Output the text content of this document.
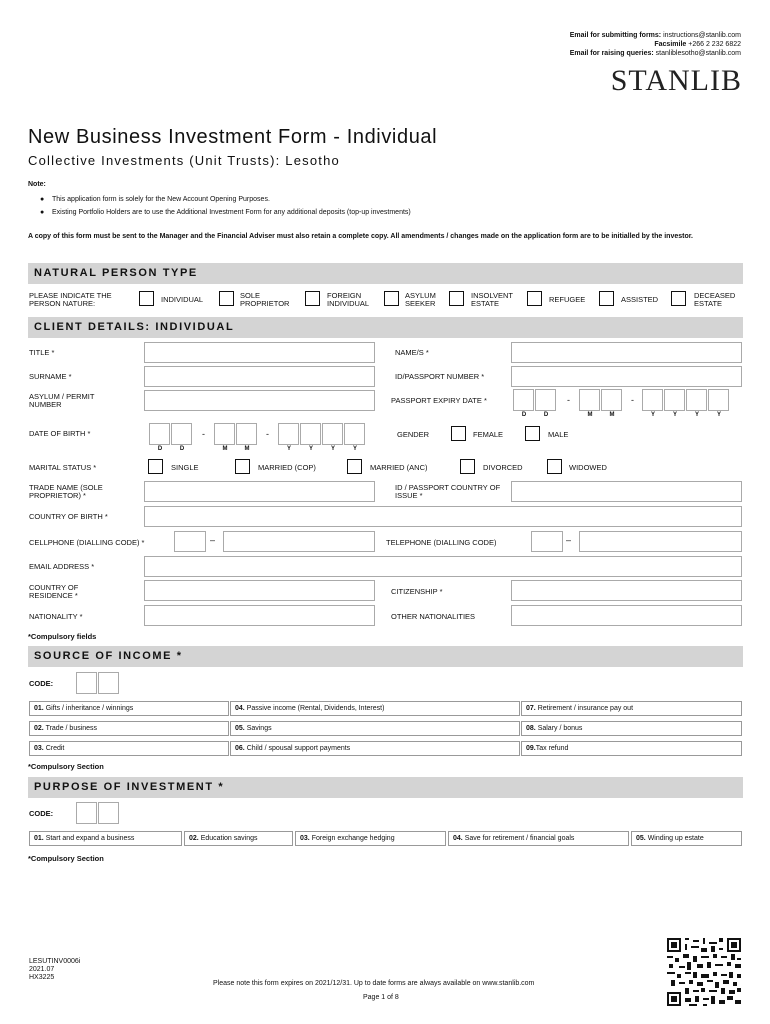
Email for submitting forms: instructions@stanlib.com
Facsimile +266 2 232 6822
Email for raising queries: stanliblesotho@stanlib.com
STANLIB
New Business Investment Form - Individual
Collective Investments (Unit Trusts): Lesotho
Note:
● This application form is solely for the New Account Opening Purposes.
● Existing Portfolio Holders are to use the Additional Investment Form for any additional deposits (top-up investments)
A copy of this form must be sent to the Manager and the Financial Adviser must also retain a complete copy. All amendments / changes made on the application form are to be initialled by the investor.
NATURAL PERSON TYPE
PLEASE INDICATE THE PERSON NATURE:	INDIVIDUAL	SOLE PROPRIETOR
FOREIGN INDIVIDUAL
ASYLUM SEEKER
INSOLVENT ESTATE	REFUGEE	ASSISTED	DECEASED ESTATE
CLIENT DETAILS: INDIVIDUAL
TITLE *	NAME/S *
SURNAME *	ID/PASSPORT NUMBER *
ASYLUM / PERMIT NUMBER	PASSPORT EXPIRY DATE *	-	-
D	D	M	M	Y	Y	Y	Y
DATE OF BIRTH *	-	-
D	D	M	M	Y	Y	Y	Y
GENDER	FEMALE	MALE
MARITAL STATUS *	SINGLE	MARRIED (COP)	MARRIED (ANC)	DIVORCED	WIDOWED
TRADE NAME (SOLE PROPRIETOR) *
ID / PASSPORT COUNTRY OF ISSUE *
COUNTRY OF BIRTH *
CELLPHONE (DIALLING CODE) *	–	TELEPHONE (DIALLING CODE)	–
EMAIL ADDRESS *
COUNTRY OF RESIDENCE *	CITIZENSHIP *
NATIONALITY *	OTHER NATIONALITIES
*Compulsory fields
SOURCE OF INCOME *
CODE:
01. Gifts / inheritance / winnings	04. Passive income (Rental, Dividends, Interest)	07. Retirement / insurance pay out
02. Trade / business	05. Savings	08. Salary / bonus
03. Credit	06. Child / spousal support payments	09.Tax refund
*Compulsory Section
PURPOSE OF INVESTMENT *
CODE:
01. Start and expand a business	02. Education savings	03. Foreign exchange hedging	04. Save for retirement / financial goals	05. Winding up estate
*Compulsory Section
LESUTINV0006i
2021.07
HX3225
Please note this form expires on 2021/12/31. Up to date forms are always available on www.stanlib.com
Page 1 of 8
